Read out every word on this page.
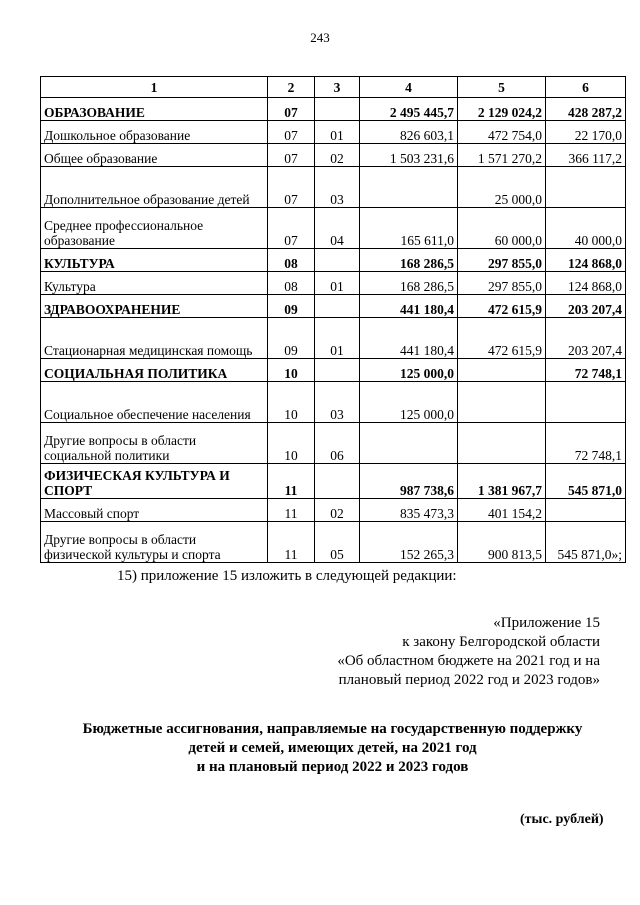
243
1	2	3	4	5	6
ОБРАЗОВАНИЕ	07		2 495 445,7	2 129 024,2	428 287,2
Дошкольное образование	07	01	826 603,1	472 754,0	22 170,0
Общее образование	07	02	1 503 231,6	1 571 270,2	366 117,2
Дополнительное образование детей	07	03		25 000,0	
Среднее профессиональное образование	07	04	165 611,0	60 000,0	40 000,0
КУЛЬТУРА	08		168 286,5	297 855,0	124 868,0
Культура	08	01	168 286,5	297 855,0	124 868,0
ЗДРАВООХРАНЕНИЕ	09		441 180,4	472 615,9	203 207,4
Стационарная медицинская помощь	09	01	441 180,4	472 615,9	203 207,4
СОЦИАЛЬНАЯ ПОЛИТИКА	10		125 000,0		72 748,1
Социальное обеспечение населения	10	03	125 000,0		
Другие вопросы в области социальной политики	10	06			72 748,1
ФИЗИЧЕСКАЯ КУЛЬТУРА И СПОРТ	11		987 738,6	1 381 967,7	545 871,0
Массовый спорт	11	02	835 473,3	401 154,2	
Другие вопросы в области физической культуры и спорта	11	05	152 265,3	900 813,5	545 871,0»;
15) приложение 15 изложить в следующей редакции:
«Приложение 15
к закону Белгородской области
«Об областном бюджете на 2021 год и на
плановый период 2022 год и 2023 годов»
Бюджетные ассигнования, направляемые на государственную поддержку
детей и семей, имеющих детей, на 2021 год
и на плановый период 2022 и 2023 годов
(тыс. рублей)
